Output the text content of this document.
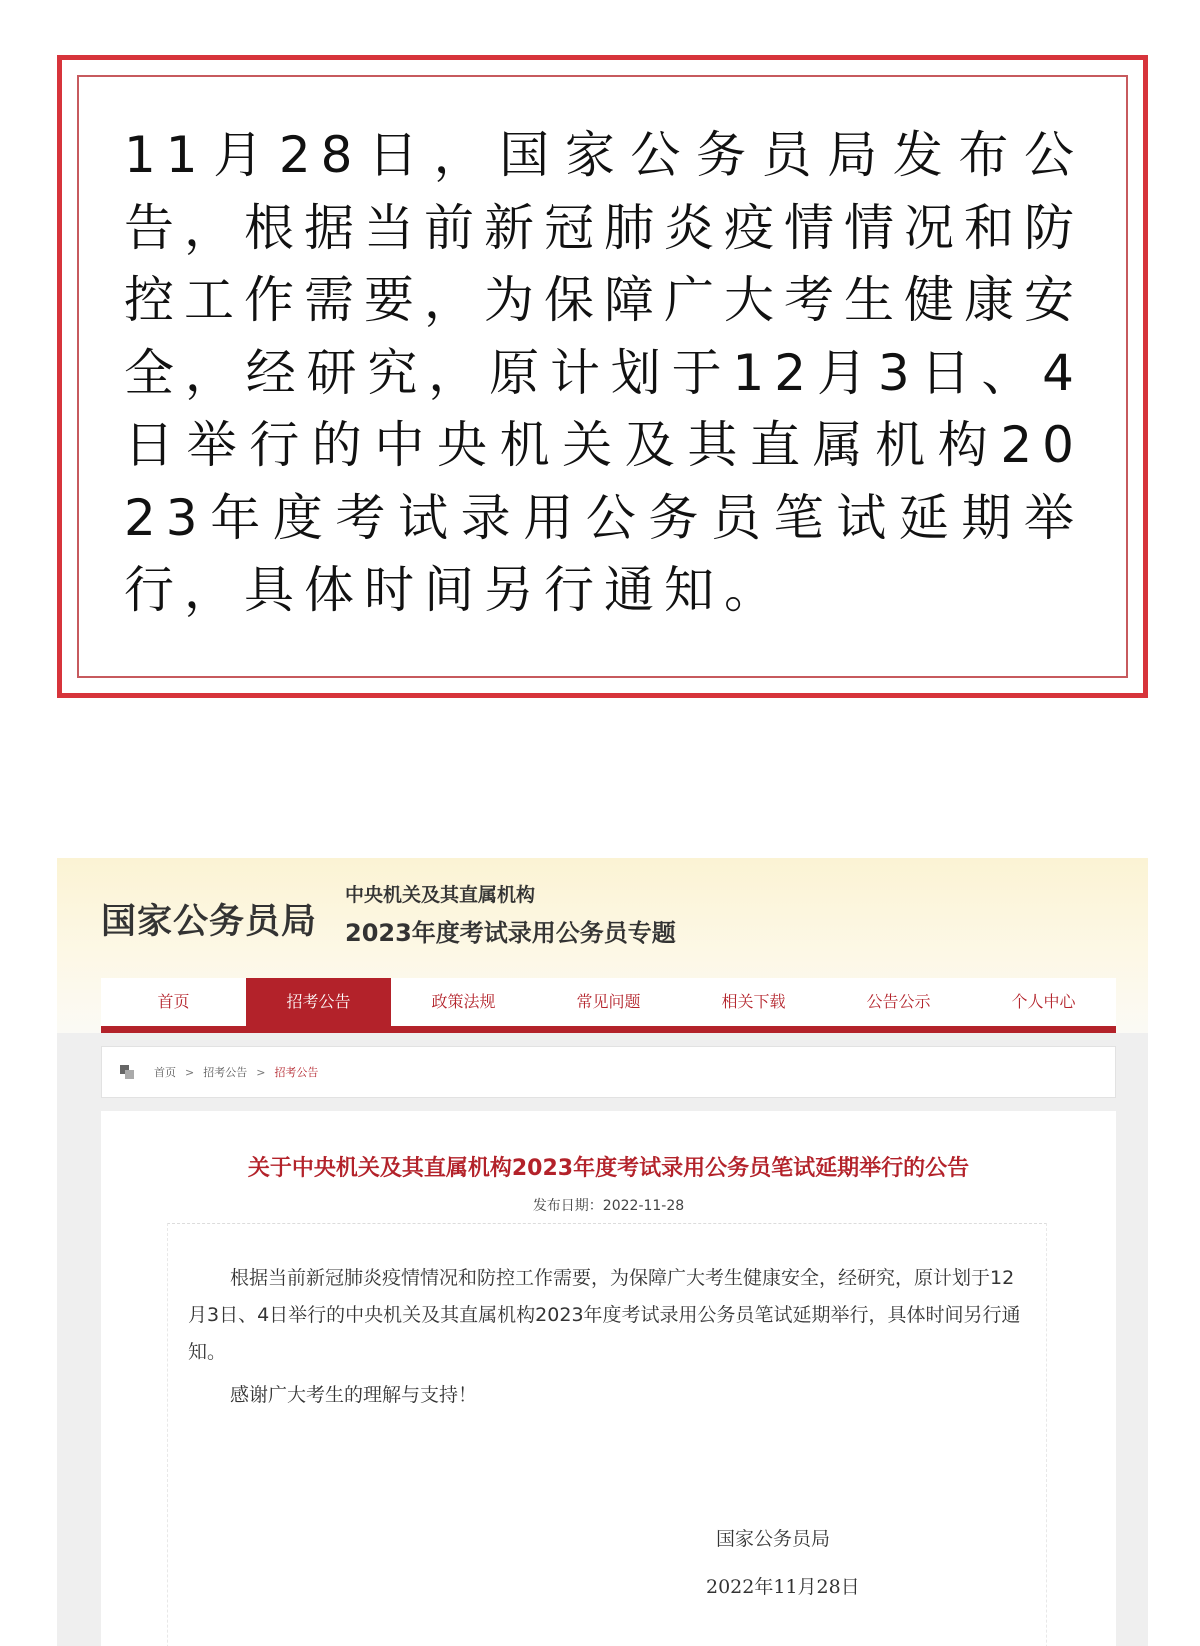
11月28日，国家公务员局发布公告，根据当前新冠肺炎疫情情况和防控工作需要，为保障广大考生健康安全，经研究，原计划于12月3日、4日举行的中央机关及其直属机构2023年度考试录用公务员笔试延期举行，具体时间另行通知。
国家公务员局
中央机关及其直属机构
2023年度考试录用公务员专题
首页	招考公告	政策法规	常见问题	相关下载	公告公示	个人中心
首页 > 招考公告 > 招考公告
关于中央机关及其直属机构2023年度考试录用公务员笔试延期举行的公告
发布日期：2022-11-28
根据当前新冠肺炎疫情情况和防控工作需要，为保障广大考生健康安全，经研究，原计划于12月3日、4日举行的中央机关及其直属机构2023年度考试录用公务员笔试延期举行，具体时间另行通知。
感谢广大考生的理解与支持！
国家公务员局
2022年11月28日
